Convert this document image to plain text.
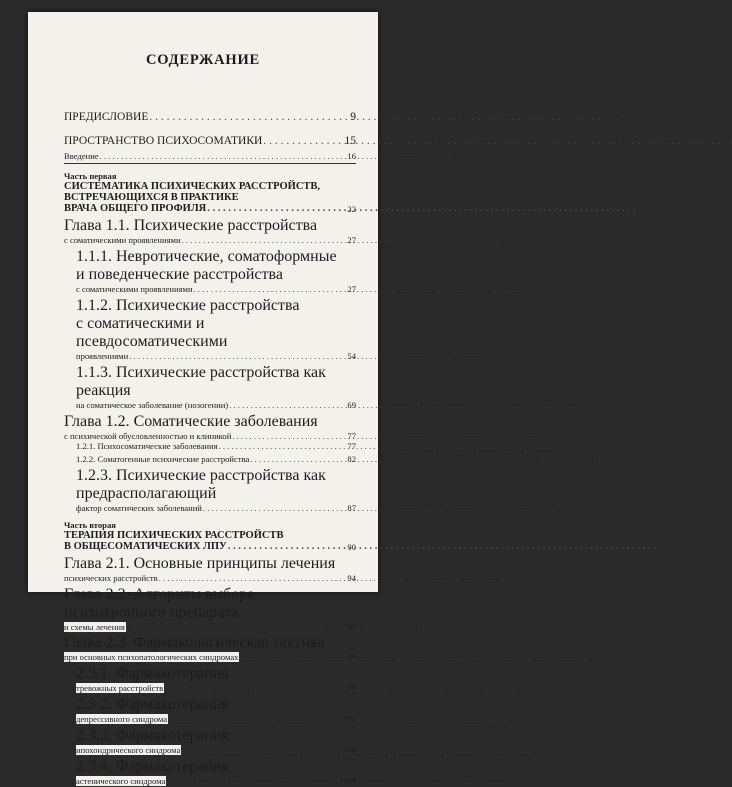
СОДЕРЖАНИЕ
ПРЕДИСЛОВИЕ . . .	9
ПРОСТРАНСТВО ПСИХОСОМАТИКИ . . .	15
Введение . . .	16
Часть первая
СИСТЕМАТИКА ПСИХИЧЕСКИХ РАССТРОЙСТВ,
ВСТРЕЧАЮЩИХСЯ В ПРАКТИКЕ
ВРАЧА ОБЩЕГО ПРОФИЛЯ . . .	22
Глава 1.1. Психические расстройства
с соматическими проявлениями . . .	27
1.1.1. Невротические, соматоформные
и поведенческие расстройства
с соматическими проявлениями . . .	27
1.1.2. Психические расстройства
с соматическими и псевдосоматическими
проявлениями . . .	54
1.1.3. Психические расстройства как реакция
на соматическое заболевание (нозогении) . . .	69
Глава 1.2. Соматические заболевания
с психической обусловленностью и клиникой . . .	77
1.2.1. Психосоматические заболевания . . .	77
1.2.2. Соматогенные психические расстройства . . .	82
1.2.3. Психические расстройства как предрасполагающий
фактор соматических заболеваний . . .	87
Часть вторая
ТЕРАПИЯ ПСИХИЧЕСКИХ РАССТРОЙСТВ
В ОБЩЕСОМАТИЧЕСКИХ ЛПУ . . .	90
Глава 2.1. Основные принципы лечения
психических расстройств . . .	94
Глава 2.2. Алгоритм выбора психотропного препарата
и схемы лечения . . .	97
Глава 2.3. Фармакологическая тактика
при основных психопатологических синдромах . . .	99
2.3.1. Фармакотерапия
тревожных расстройств . . .	99
2.3.2. Фармакотерапия
депрессивного синдрома . . .	102
2.3.3. Фармакотерапия
ипохондрического синдрома . . .	106
2.3.4. Фармакотерапия
астенического синдрома . . .	108
